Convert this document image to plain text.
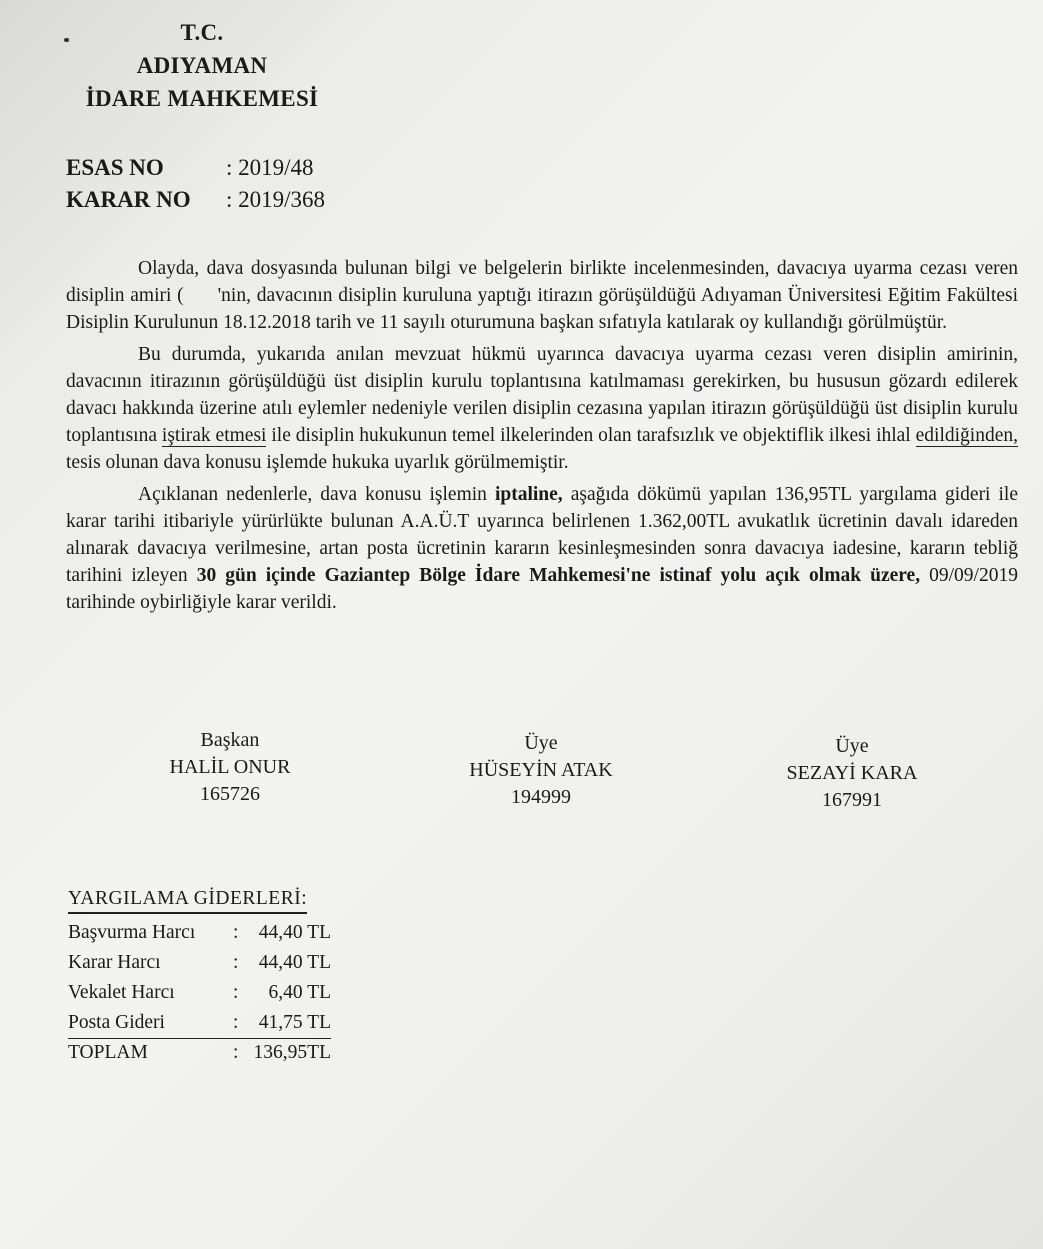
T.C.
ADIYAMAN
İDARE MAHKEMESİ
ESAS NO	: 2019/48
KARAR NO : 2019/368

Olayda, dava dosyasında bulunan bilgi ve belgelerin birlikte incelenmesinden, davacıya uyarma cezası veren disiplin amiri ( 'nin, davacının disiplin kuruluna yaptığı itirazın görüşüldüğü Adıyaman Üniversitesi Eğitim Fakültesi Disiplin Kurulunun 18.12.2018 tarih ve 11 sayılı oturumuna başkan sıfatıyla katılarak oy kullandığı görülmüştür.

Bu durumda, yukarıda anılan mevzuat hükmü uyarınca davacıya uyarma cezası veren disiplin amirinin, davacının itirazının görüşüldüğü üst disiplin kurulu toplantısına katılmaması gerekirken, bu hususun gözardı edilerek davacı hakkında üzerine atılı eylemler nedeniyle verilen disiplin cezasına yapılan itirazın görüşüldüğü üst disiplin kurulu toplantısına iştirak etmesi ile disiplin hukukunun temel ilkelerinden olan tarafsızlık ve objektiflik ilkesi ihlal edildiğinden, tesis olunan dava konusu işlemde hukuka uyarlık görülmemiştir.

Açıklanan nedenlerle, dava konusu işlemin iptaline, aşağıda dökümü yapılan 136,95TL yargılama gideri ile karar tarihi itibariyle yürürlükte bulunan A.A.Ü.T uyarınca belirlenen 1.362,00TL avukatlık ücretinin davalı idareden alınarak davacıya verilmesine, artan posta ücretinin kararın kesinleşmesinden sonra davacıya iadesine, kararın tebliğ tarihini izleyen 30 gün içinde Gaziantep Bölge İdare Mahkemesi'ne istinaf yolu açık olmak üzere, 09/09/2019 tarihinde oybirliğiyle karar verildi.

Başkan
HALİL ONUR
165726
Üye
HÜSEYİN ATAK
194999
Üye
SEZAYİ KARA
167991
YARGILAMA GİDERLERİ:
Başvurma Harcı	:	44,40 TL
Karar Harcı	:	44,40 TL
Vekalet Harcı	:	6,40 TL
Posta Gideri	:	41,75 TL
TOPLAM	: 136,95TL
